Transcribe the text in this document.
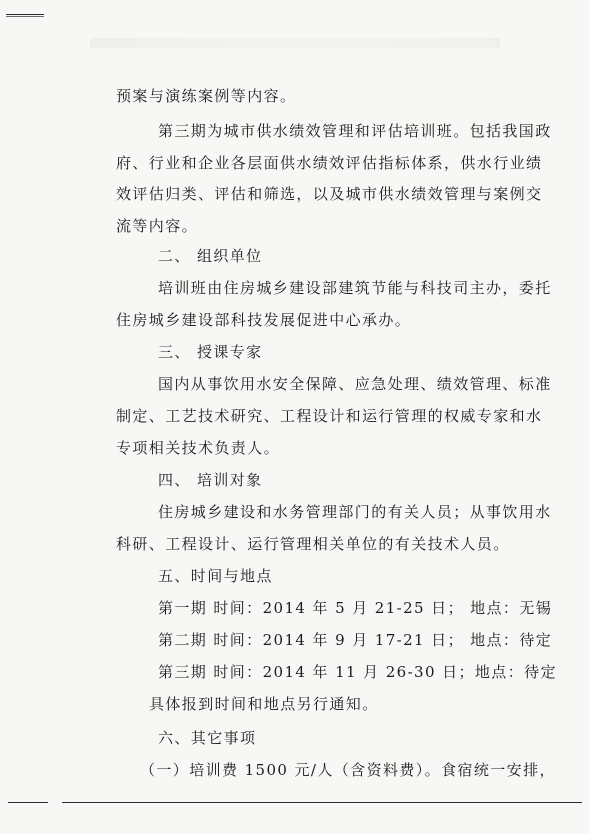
预案与演练案例等内容。
第三期为城市供水绩效管理和评估培训班。包括我国政
府、行业和企业各层面供水绩效评估指标体系，供水行业绩
效评估归类、评估和筛选，以及城市供水绩效管理与案例交
流等内容。
二、 组织单位
培训班由住房城乡建设部建筑节能与科技司主办，委托
住房城乡建设部科技发展促进中心承办。
三、 授课专家
国内从事饮用水安全保障、应急处理、绩效管理、标准
制定、工艺技术研究、工程设计和运行管理的权威专家和水
专项相关技术负责人。
四、 培训对象
住房城乡建设和水务管理部门的有关人员；从事饮用水
科研、工程设计、运行管理相关单位的有关技术人员。
五、时间与地点
第一期 时间：2014 年 5 月 21-25 日； 地点：无锡
第二期 时间：2014 年 9 月 17-21 日； 地点：待定
第三期 时间：2014 年 11 月 26-30 日；地点：待定
具体报到时间和地点另行通知。
六、其它事项
（一）培训费 1500 元/人（含资料费）。食宿统一安排，
